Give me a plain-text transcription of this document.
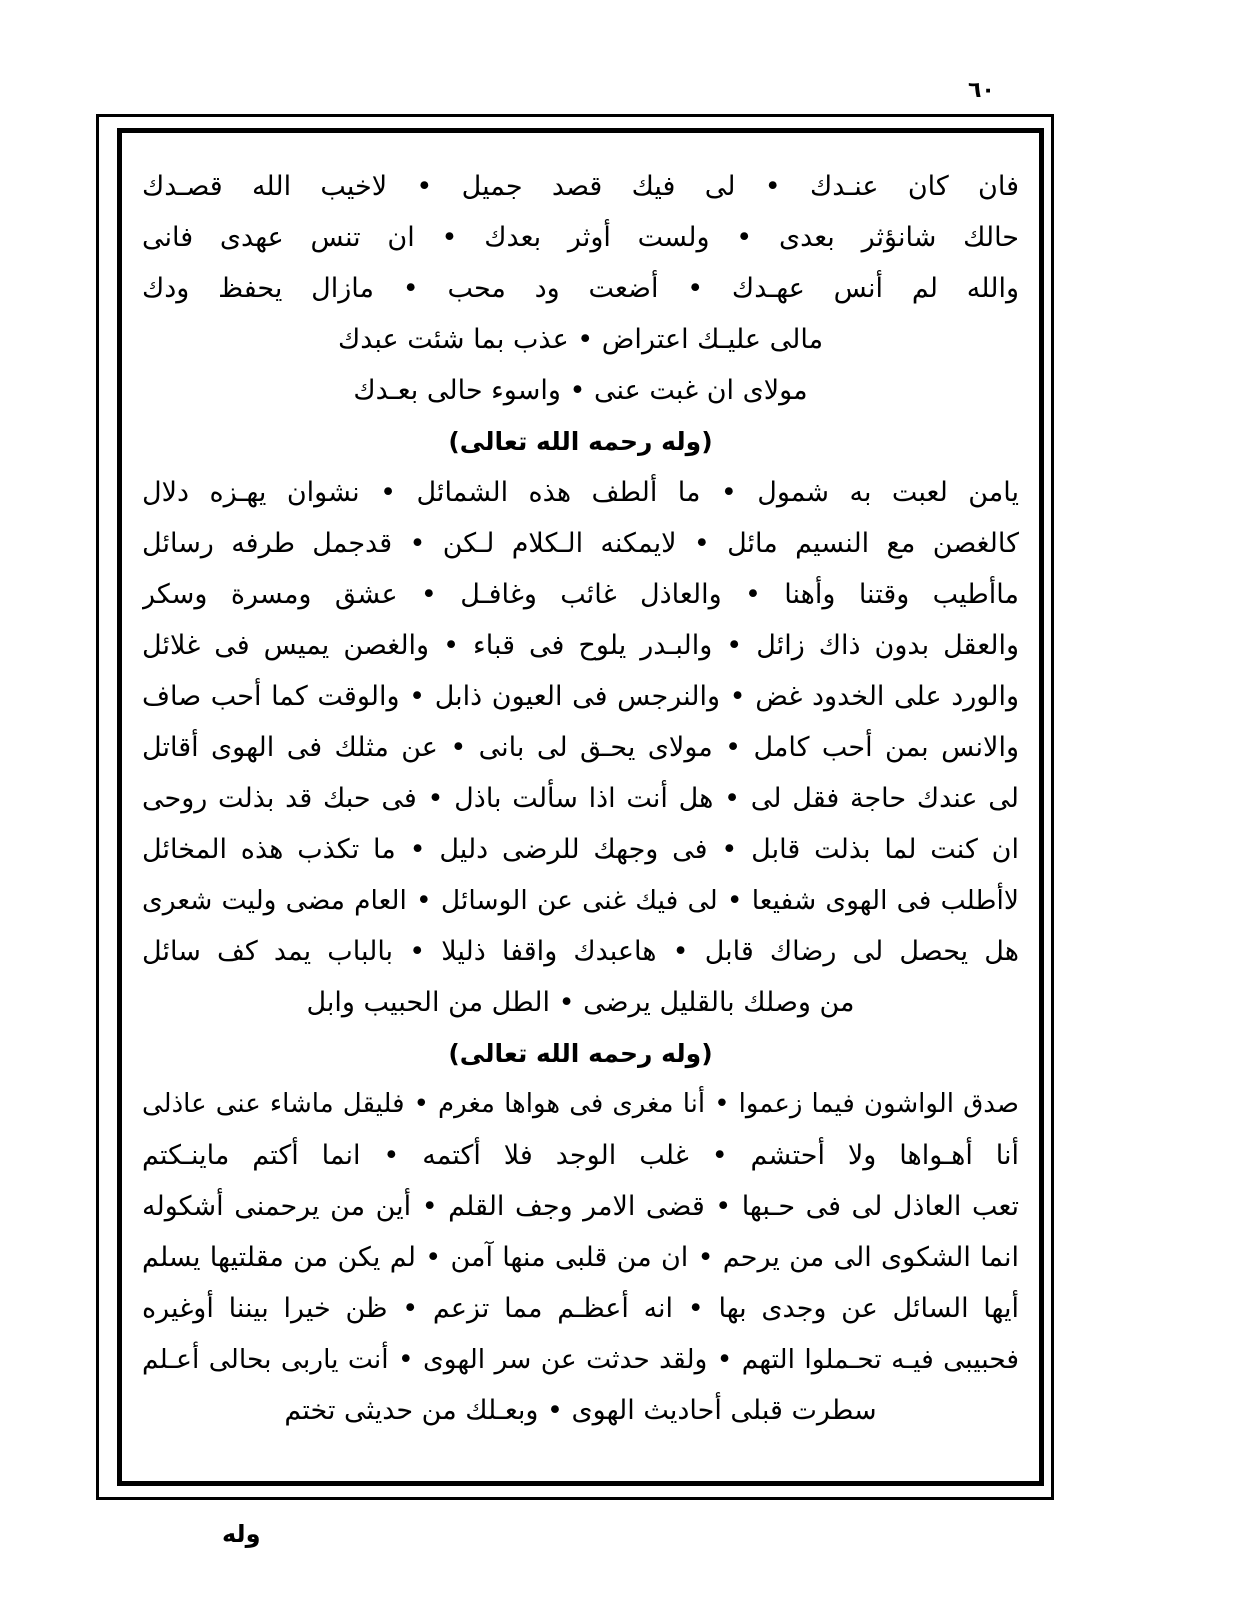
٦٠
فان كان عنـدك • لى فيك قصد جميل • لاخيب الله قصـدك
حالك شانؤثر بعدى • ولست أوثر بعدك • ان تنس عهدى فانى
والله لم أنس عهـدك • أضعت ود محب • مازال يحفظ ودك
مالى عليـك اعتراض • عذب بما شئت عبدك
مولاى ان غبت عنى • واسوء حالى بعـدك
(وله رحمه الله تعالى)
يامن لعبت به شمول • ما ألطف هذه الشمائل • نشوان يهـزه دلال
كالغصن مع النسيم مائل • لايمكنه الـكلام لـكن • قدجمل طرفه رسائل
ماأطيب وقتنا وأهنا • والعاذل غائب وغافـل • عشق ومسرة وسكر
والعقل بدون ذاك زائل • والبـدر يلوح فى قباء • والغصن يميس فى غلائل
والورد على الخدود غض • والنرجس فى العيون ذابل • والوقت كما أحب صاف
والانس بمن أحب كامل • مولاى يحـق لى بانى • عن مثلك فى الهوى أقاتل
لى عندك حاجة فقل لى • هل أنت اذا سألت باذل • فى حبك قد بذلت روحى
ان كنت لما بذلت قابل • فى وجهك للرضى دليل • ما تكذب هذه المخائل
لاأطلب فى الهوى شفيعا • لى فيك غنى عن الوسائل • العام مضى وليت شعرى
هل يحصل لى رضاك قابل • هاعبدك واقفا ذليلا • بالباب يمد كف سائل
من وصلك بالقليل يرضى • الطل من الحبيب وابل
(وله رحمه الله تعالى)
صدق الواشون فيما زعموا • أنا مغرى فى هواها مغرم • فليقل ماشاء عنى عاذلى
أنا أهـواها ولا أحتشم • غلب الوجد فلا أكتمه • انما أكتم ماينـكتم
تعب العاذل لى فى حـبها • قضى الامر وجف القلم • أين من يرحمنى أشكوله
انما الشكوى الى من يرحم • ان من قلبى منها آمن • لم يكن من مقلتيها يسلم
أيها السائل عن وجدى بها • انه أعظـم مما تزعم • ظن خيرا بيننا أوغيره
فحبيبى فيـه تحـملوا التهم • ولقد حدثت عن سر الهوى • أنت ياربى بحالى أعـلم
سطرت قبلى أحاديث الهوى • وبعـلك من حديثى تختم
وله
